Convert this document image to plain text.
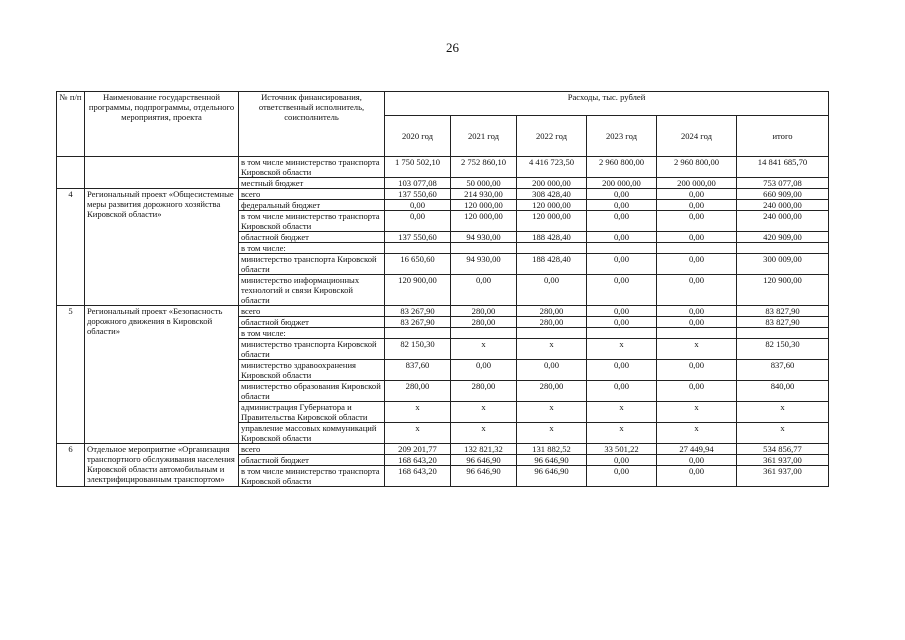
26
№ п/п	Наименование государственной программы, подпрограммы, отдельного мероприятия, проекта	Источник финансирования, ответственный исполнитель, соисполнитель	Расходы, тыс. рублей					
			2020 год	2021 год	2022 год	2023 год	2024 год	итого
		в том числе министерство транспорта Кировской области	1 750 502,10	2 752 860,10	4 416 723,50	2 960 800,00	2 960 800,00	14 841 685,70
		местный бюджет	103 077,08	50 000,00	200 000,00	200 000,00	200 000,00	753 077,08
4	Региональный проект «Общесистемные меры развития дорожного хозяйства Кировской области»	всего	137 550,60	214 930,00	308 428,40	0,00	0,00	660 909,00
		федеральный бюджет	0,00	120 000,00	120 000,00	0,00	0,00	240 000,00
		в том числе министерство транспорта Кировской области	0,00	120 000,00	120 000,00	0,00	0,00	240 000,00
		областной бюджет	137 550,60	94 930,00	188 428,40	0,00	0,00	420 909,00
		в том числе:						
		министерство транспорта Кировской области	16 650,60	94 930,00	188 428,40	0,00	0,00	300 009,00
		министерство информационных технологий и связи Кировской области	120 900,00	0,00	0,00	0,00	0,00	120 900,00
5	Региональный проект «Безопасность дорожного движения в Кировской области»	всего	83 267,90	280,00	280,00	0,00	0,00	83 827,90
		областной бюджет	83 267,90	280,00	280,00	0,00	0,00	83 827,90
		в том числе:						
		министерство транспорта Кировской области	82 150,30	x	x	x	x	82 150,30
		министерство здравоохранения Кировской области	837,60	0,00	0,00	0,00	0,00	837,60
		министерство образования Кировской области	280,00	280,00	280,00	0,00	0,00	840,00
		администрация Губернатора и Правительства Кировской области	x	x	x	x	x	x
		управление массовых коммуникаций Кировской области	x	x	x	x	x	x
6	Отдельное мероприятие «Организация транспортного обслуживания населения Кировской области автомобильным и электрифицированным транспортом»	всего	209 201,77	132 821,32	131 882,52	33 501,22	27 449,94	534 856,77
		областной бюджет	168 643,20	96 646,90	96 646,90	0,00	0,00	361 937,00
		в том числе министерство транспорта Кировской области	168 643,20	96 646,90	96 646,90	0,00	0,00	361 937,00
